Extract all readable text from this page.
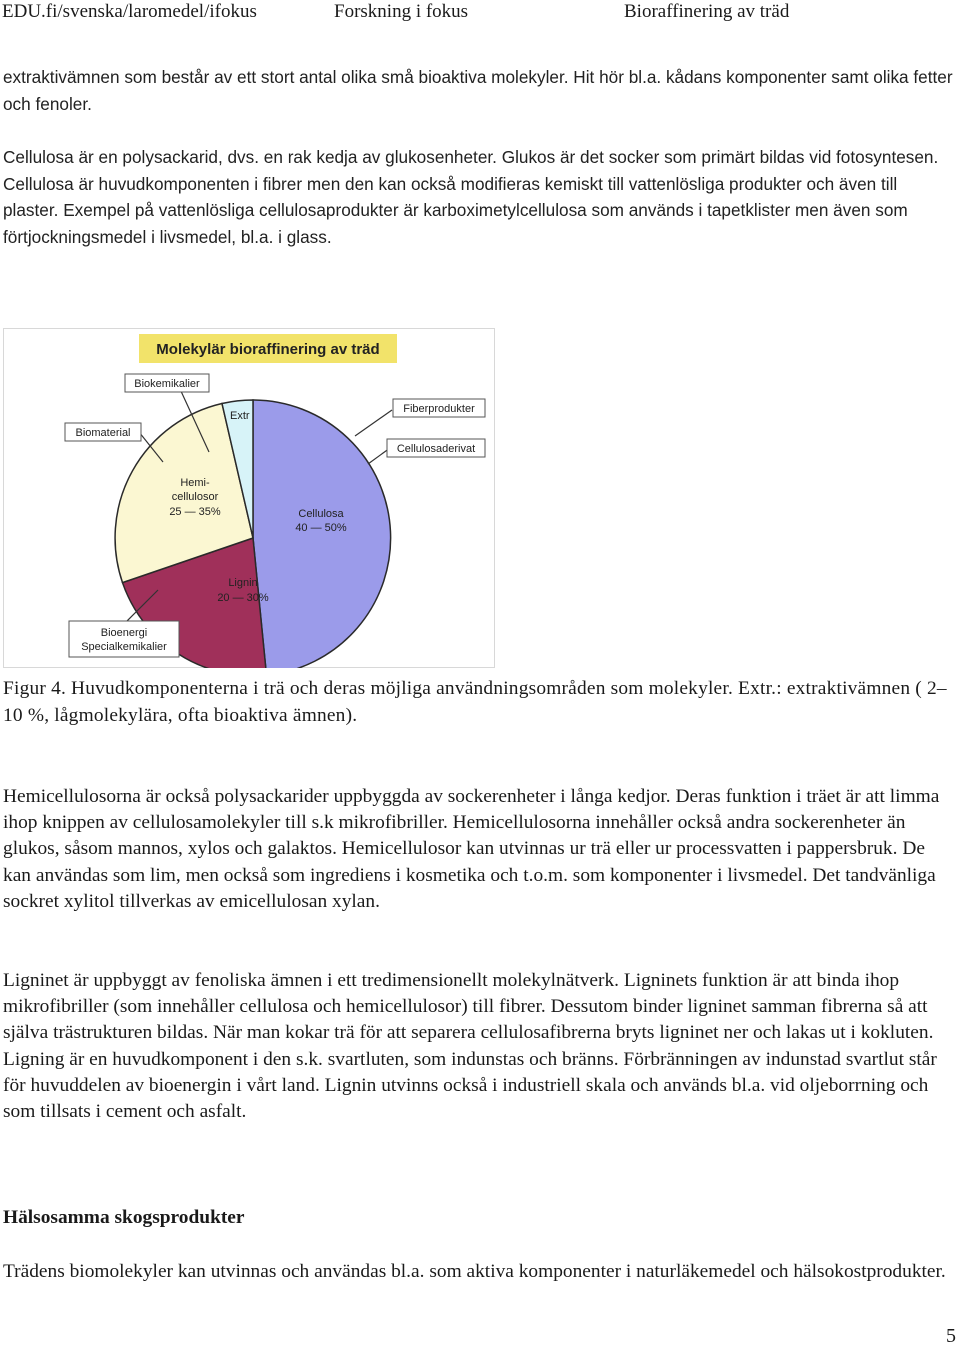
EDU.fi/svenska/laromedel/ifokus	Forskning i fokus	Bioraffinering av träd

extraktivämnen som består av ett stort antal olika små bioaktiva molekyler. Hit hör bl.a. kådans komponenter samt olika fetter och fenoler.

Cellulosa är en polysackarid, dvs. en rak kedja av glukosenheter. Glukos är det socker som primärt bildas vid fotosyntesen. Cellulosa är huvudkomponenten i fibrer men den kan också modifieras kemiskt till vattenlösliga produkter och även till plaster. Exempel på vattenlösliga cellulosaprodukter är karboximetylcellulosa som används i tapetklister men även som förtjockningsmedel i livsmedel, bl.a. i glass.

Molekylär bioraffinering av träd
Cellulosa
40 — 50%
Lignin
20 — 30%
Hemi-
cellulosor
25 — 35%
Biokemikalier
Extr
Biomaterial
Fiberprodukter
Cellulosaderivat
Bioenergi
Specialkemikalier

Figur 4. Huvudkomponenterna i trä och deras möjliga användningsområden som molekyler. Extr.: extraktivämnen ( 2–10 %, lågmolekylära, ofta bioaktiva ämnen).

Hemicellulosorna är också polysackarider uppbyggda av sockerenheter i långa kedjor. Deras funktion i träet är att limma ihop knippen av cellulosamolekyler till s.k mikrofibriller. Hemicellulosorna innehåller också andra sockerenheter än glukos, såsom mannos, xylos och galaktos. Hemicellulosor kan utvinnas ur trä eller ur processvatten i pappersbruk. De kan användas som lim, men också som ingrediens i kosmetika och t.o.m. som komponenter i livsmedel. Det tandvänliga sockret xylitol tillverkas av emicellulosan xylan.

Ligninet är uppbyggt av fenoliska ämnen i ett tredimensionellt molekylnätverk. Ligninets funktion är att binda ihop mikrofibriller (som innehåller cellulosa och hemicellulosor) till fibrer. Dessutom binder ligninet samman fibrerna så att själva trästrukturen bildas. När man kokar trä för att separera cellulosafibrerna bryts ligninet ner och lakas ut i kokluten. Ligning är en huvudkomponent i den s.k. svartluten, som indunstas och bränns. Förbränningen av indunstad svartlut står för huvuddelen av bioenergin i vårt land. Lignin utvinns också i industriell skala och används bl.a. vid oljeborrning och som tillsats i cement och asfalt.

Hälsosamma skogsprodukter

Trädens biomolekyler kan utvinnas och användas bl.a. som aktiva komponenter i naturläkemedel och hälsokostprodukter.

5
